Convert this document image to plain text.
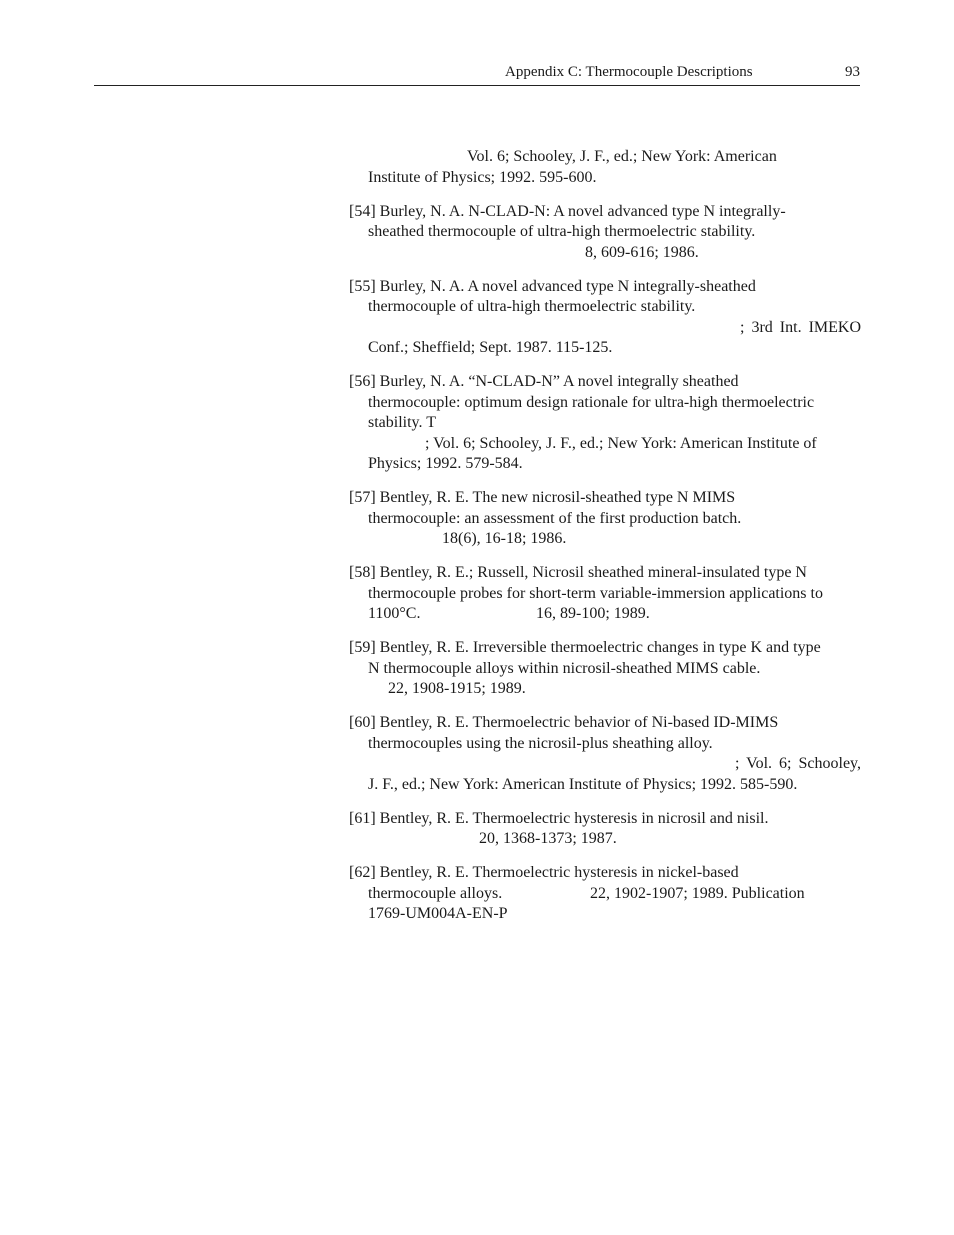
Appendix C: Thermocouple Descriptions	93
Vol. 6; Schooley, J. F., ed.; New York: American
Institute of Physics; 1992. 595-600.
[54] Burley, N. A. N-CLAD-N: A novel advanced type N integrally-
sheathed thermocouple of ultra-high thermoelectric stability.
8, 609-616; 1986.
[55] Burley, N. A. A novel advanced type N integrally-sheathed
thermocouple of ultra-high thermoelectric stability.
; 3rd Int. IMEKO
Conf.; Sheffield; Sept. 1987. 115-125.
[56] Burley, N. A. “N-CLAD-N” A novel integrally sheathed
thermocouple: optimum design rationale for ultra-high thermoelectric
stability. T
; Vol. 6; Schooley, J. F., ed.; New York: American Institute of
Physics; 1992. 579-584.
[57] Bentley, R. E. The new nicrosil-sheathed type N MIMS
thermocouple: an assessment of the first production batch.
18(6), 16-18; 1986.
[58] Bentley, R. E.; Russell, Nicrosil sheathed mineral-insulated type N
thermocouple probes for short-term variable-immersion applications to
1100°C.	16, 89-100; 1989.
[59] Bentley, R. E. Irreversible thermoelectric changes in type K and type
N thermocouple alloys within nicrosil-sheathed MIMS cable.
22, 1908-1915; 1989.
[60] Bentley, R. E. Thermoelectric behavior of Ni-based ID-MIMS
thermocouples using the nicrosil-plus sheathing alloy.
; Vol. 6; Schooley,
J. F., ed.; New York: American Institute of Physics; 1992. 585-590.
[61] Bentley, R. E. Thermoelectric hysteresis in nicrosil and nisil.
20, 1368-1373; 1987.
[62] Bentley, R. E. Thermoelectric hysteresis in nickel-based
thermocouple alloys.	22, 1902-1907; 1989. Publication
1769-UM004A-EN-P
